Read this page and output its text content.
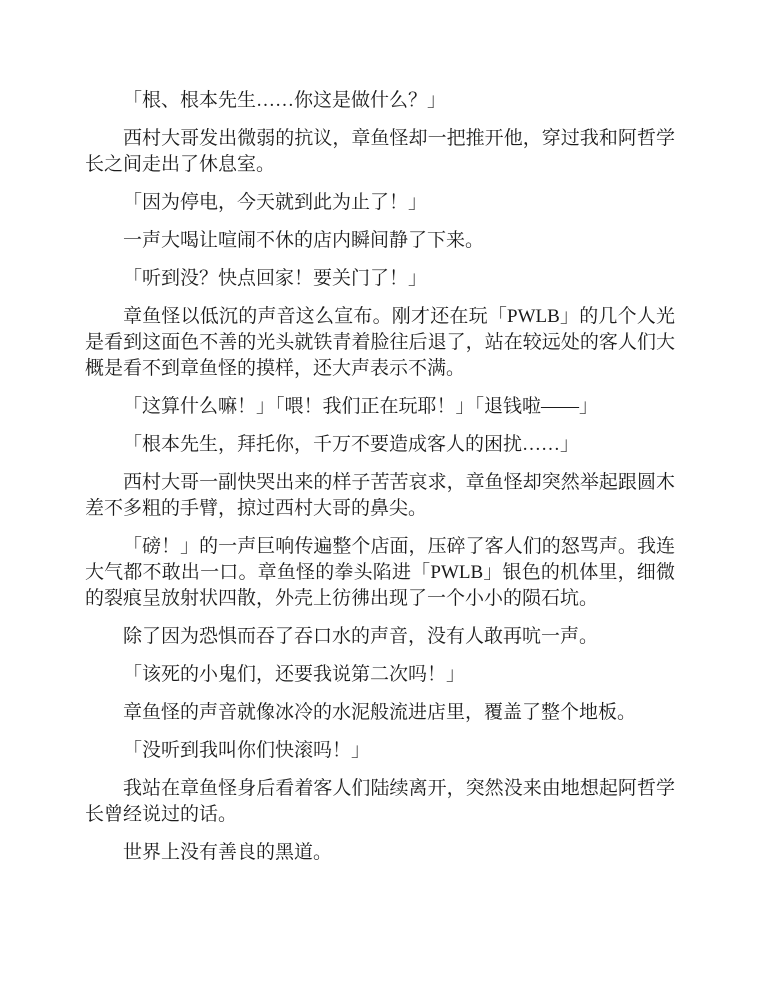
「根、根本先生……你这是做什么？」

西村大哥发出微弱的抗议，章鱼怪却一把推开他，穿过我和阿哲学长之间走出了休息室。

「因为停电，今天就到此为止了！」

一声大喝让喧闹不休的店内瞬间静了下来。

「听到没？快点回家！要关门了！」

章鱼怪以低沉的声音这么宣布。刚才还在玩「PWLB」的几个人光是看到这面色不善的光头就铁青着脸往后退了，站在较远处的客人们大概是看不到章鱼怪的摸样，还大声表示不满。

「这算什么嘛！」「喂！我们正在玩耶！」「退钱啦——」

「根本先生，拜托你，千万不要造成客人的困扰……」

西村大哥一副快哭出来的样子苦苦哀求，章鱼怪却突然举起跟圆木差不多粗的手臂，掠过西村大哥的鼻尖。

「磅！」的一声巨响传遍整个店面，压碎了客人们的怒骂声。我连大气都不敢出一口。章鱼怪的拳头陷进「PWLB」银色的机体里，细微的裂痕呈放射状四散，外壳上彷彿出现了一个小小的陨石坑。

除了因为恐惧而吞了吞口水的声音，没有人敢再吭一声。

「该死的小鬼们，还要我说第二次吗！」

章鱼怪的声音就像冰冷的水泥般流进店里，覆盖了整个地板。

「没听到我叫你们快滚吗！」

我站在章鱼怪身后看着客人们陆续离开，突然没来由地想起阿哲学长曾经说过的话。

世界上没有善良的黑道。
